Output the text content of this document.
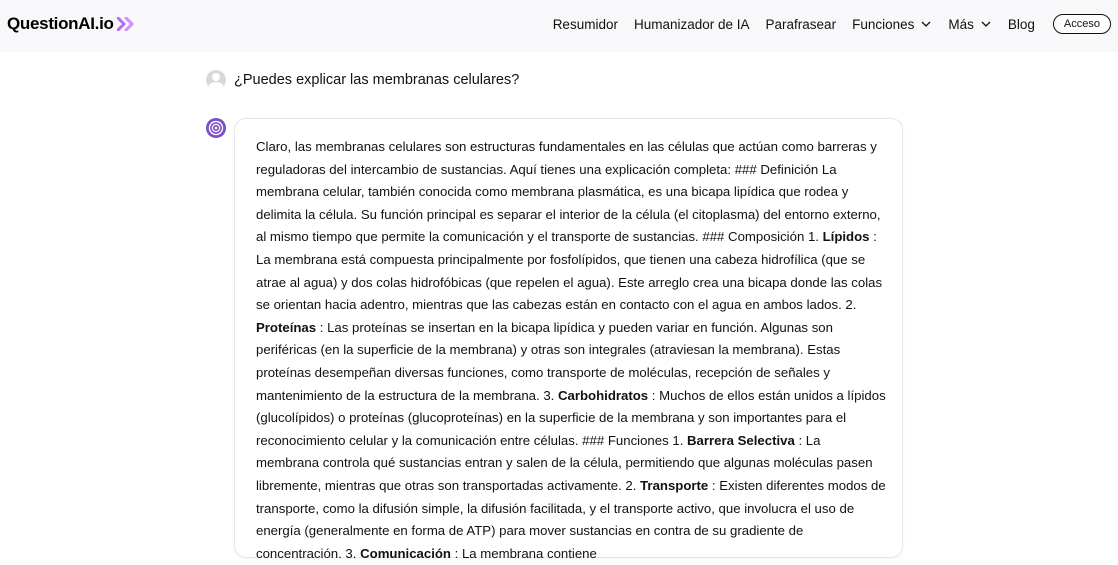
QuestionAI.io	Resumidor Humanizador de IA Parafrasear Funciones	Más	Blog	Acceso
¿Puedes explicar las membranas celulares?
Claro, las membranas celulares son estructuras fundamentales en las células que actúan como barreras y reguladoras del intercambio de sustancias. Aquí tienes una explicación completa: ### Definición La membrana celular, también conocida como membrana plasmática, es una bicapa lipídica que rodea y delimita la célula. Su función principal es separar el interior de la célula (el citoplasma) del entorno externo, al mismo tiempo que permite la comunicación y el transporte de sustancias. ### Composición 1. Lípidos : La membrana está compuesta principalmente por fosfolípidos, que tienen una cabeza hidrofílica (que se atrae al agua) y dos colas hidrofóbicas (que repelen el agua). Este arreglo crea una bicapa donde las colas se orientan hacia adentro, mientras que las cabezas están en contacto con el agua en ambos lados. 2. Proteínas : Las proteínas se insertan en la bicapa lipídica y pueden variar en función. Algunas son periféricas (en la superficie de la membrana) y otras son integrales (atraviesan la membrana). Estas proteínas desempeñan diversas funciones, como transporte de moléculas, recepción de señales y mantenimiento de la estructura de la membrana. 3. Carbohidratos : Muchos de ellos están unidos a lípidos (glucolípidos) o proteínas (glucoproteínas) en la superficie de la membrana y son importantes para el reconocimiento celular y la comunicación entre células. ### Funciones 1. Barrera Selectiva : La membrana controla qué sustancias entran y salen de la célula, permitiendo que algunas moléculas pasen libremente, mientras que otras son transportadas activamente. 2. Transporte : Existen diferentes modos de transporte, como la difusión simple, la difusión facilitada, y el transporte activo, que involucra el uso de energía (generalmente en forma de ATP) para mover sustancias en contra de su gradiente de concentración. 3. Comunicación : La membrana contiene
